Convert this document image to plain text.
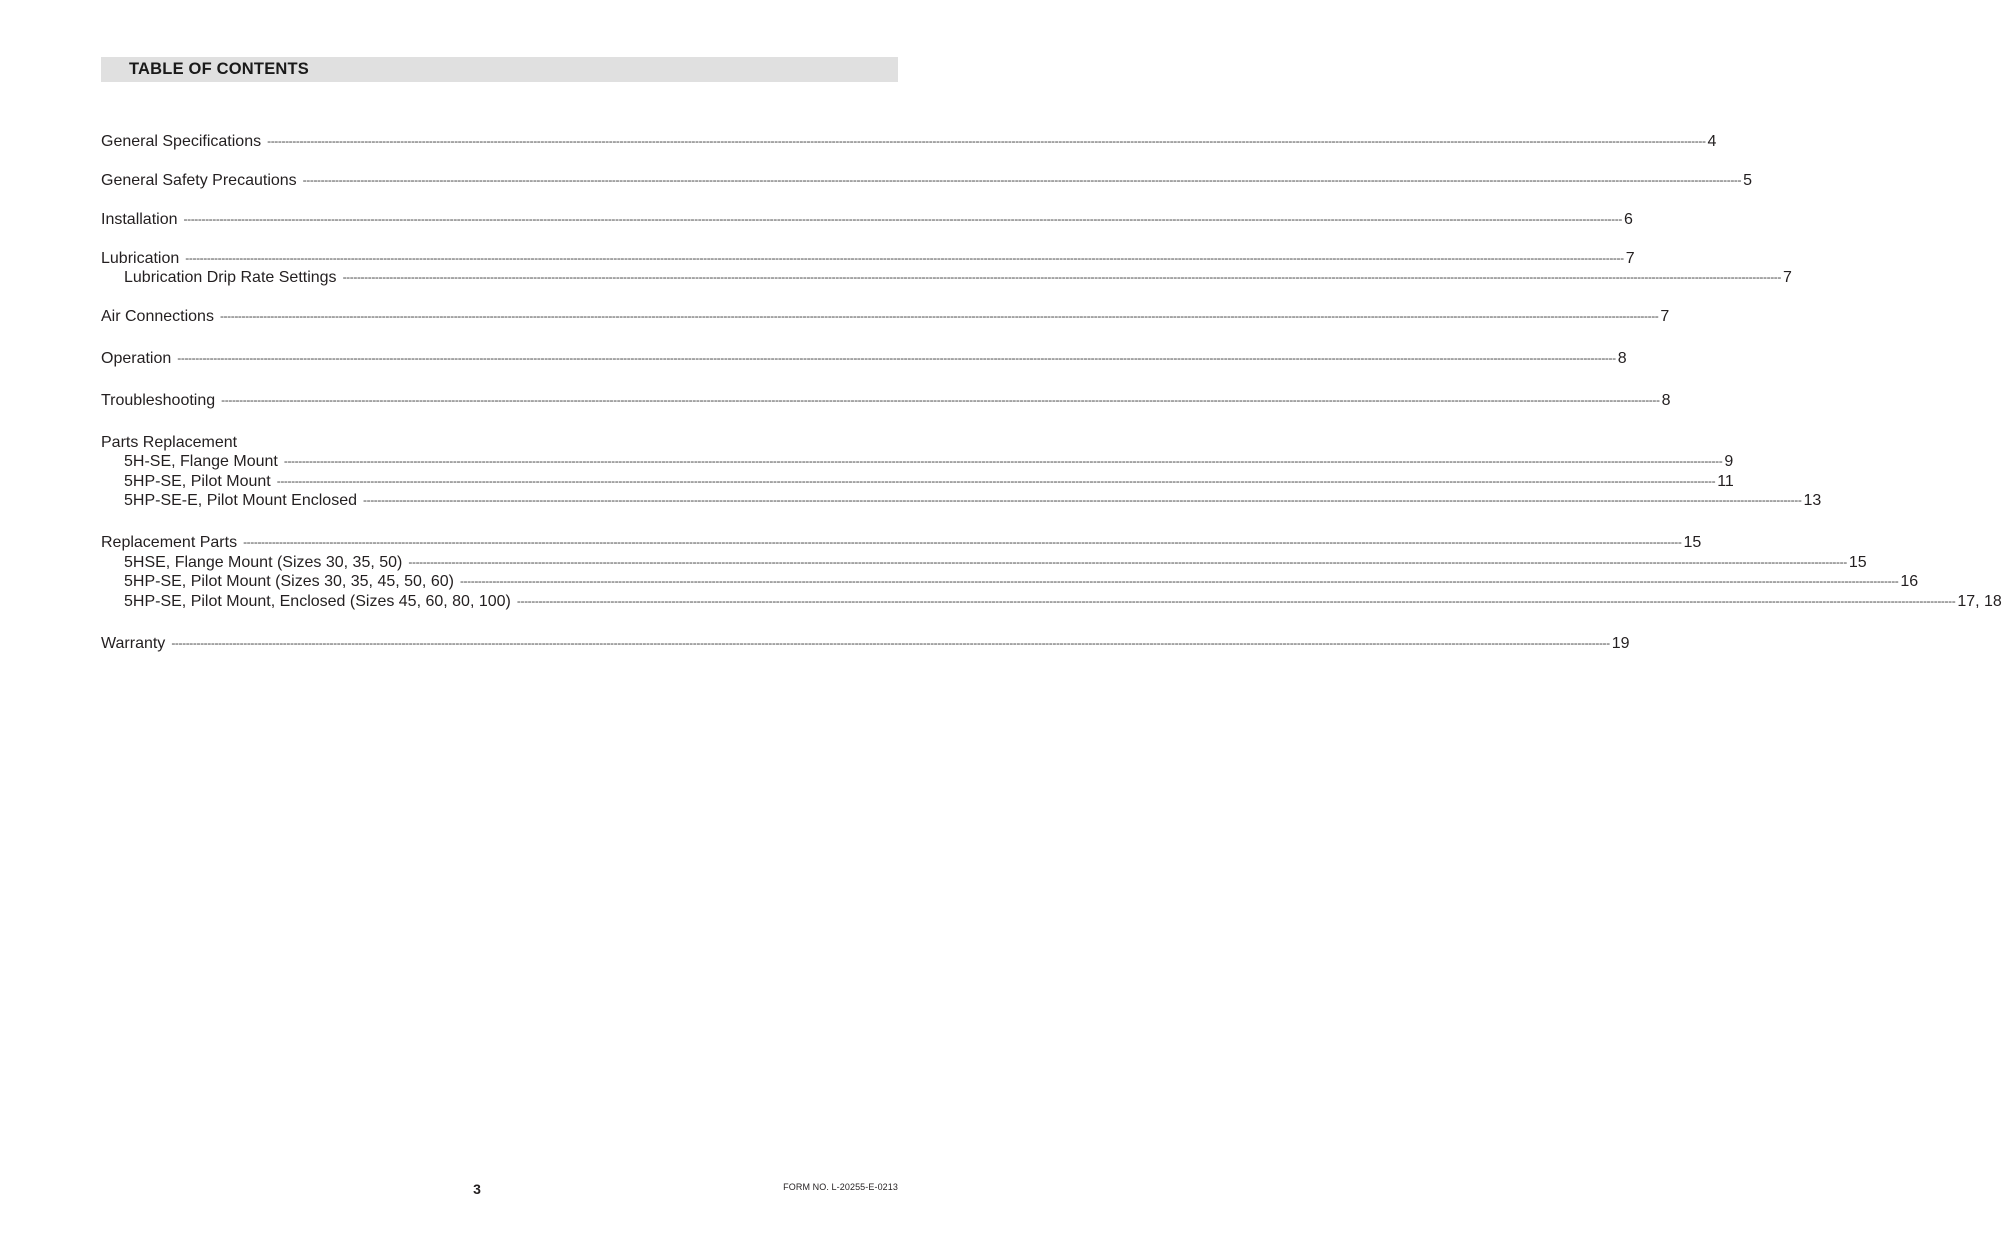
TABLE OF CONTENTS
General Specifications ---------------------------------------------------------------------------------------------------------------------------------------------------------------------------------------------------------------------------------------------------------------------------------------------------------------------------------------------------------------------------------------------------------------- 4
General Safety Precautions ---------------------------------------------------------------------------------------------------------------------------------------------------------------------------------------------------------------------------------------------------------------------------------------------------------------------------------------------------------------------------------------------------------------- 5
Installation ---------------------------------------------------------------------------------------------------------------------------------------------------------------------------------------------------------------------------------------------------------------------------------------------------------------------------------------------------------------------------------------------------------------- 6
Lubrication ---------------------------------------------------------------------------------------------------------------------------------------------------------------------------------------------------------------------------------------------------------------------------------------------------------------------------------------------------------------------------------------------------------------- 7
Lubrication Drip Rate Settings ---------------------------------------------------------------------------------------------------------------------------------------------------------------------------------------------------------------------------------------------------------------------------------------------------------------------------------------------------------------------------------------------------------------- 7
Air Connections ---------------------------------------------------------------------------------------------------------------------------------------------------------------------------------------------------------------------------------------------------------------------------------------------------------------------------------------------------------------------------------------------------------------- 7
Operation ---------------------------------------------------------------------------------------------------------------------------------------------------------------------------------------------------------------------------------------------------------------------------------------------------------------------------------------------------------------------------------------------------------------- 8
Troubleshooting ---------------------------------------------------------------------------------------------------------------------------------------------------------------------------------------------------------------------------------------------------------------------------------------------------------------------------------------------------------------------------------------------------------------- 8
Parts Replacement
5H-SE, Flange Mount ---------------------------------------------------------------------------------------------------------------------------------------------------------------------------------------------------------------------------------------------------------------------------------------------------------------------------------------------------------------------------------------------------------------- 9
5HP-SE, Pilot Mount ---------------------------------------------------------------------------------------------------------------------------------------------------------------------------------------------------------------------------------------------------------------------------------------------------------------------------------------------------------------------------------------------------------------- 11
5HP-SE-E, Pilot Mount Enclosed ---------------------------------------------------------------------------------------------------------------------------------------------------------------------------------------------------------------------------------------------------------------------------------------------------------------------------------------------------------------------------------------------------------------- 13
Replacement Parts ---------------------------------------------------------------------------------------------------------------------------------------------------------------------------------------------------------------------------------------------------------------------------------------------------------------------------------------------------------------------------------------------------------------- 15
5HSE, Flange Mount (Sizes 30, 35, 50) ---------------------------------------------------------------------------------------------------------------------------------------------------------------------------------------------------------------------------------------------------------------------------------------------------------------------------------------------------------------------------------------------------------------- 15
5HP-SE, Pilot Mount (Sizes 30, 35, 45, 50, 60) ---------------------------------------------------------------------------------------------------------------------------------------------------------------------------------------------------------------------------------------------------------------------------------------------------------------------------------------------------------------------------------------------------------------- 16
5HP-SE, Pilot Mount, Enclosed (Sizes 45, 60, 80, 100) ---------------------------------------------------------------------------------------------------------------------------------------------------------------------------------------------------------------------------------------------------------------------------------------------------------------------------------------------------------------------------------------------------------------- 17, 18
Warranty ---------------------------------------------------------------------------------------------------------------------------------------------------------------------------------------------------------------------------------------------------------------------------------------------------------------------------------------------------------------------------------------------------------------- 19
3	FORM NO. L-20255-E-0213
